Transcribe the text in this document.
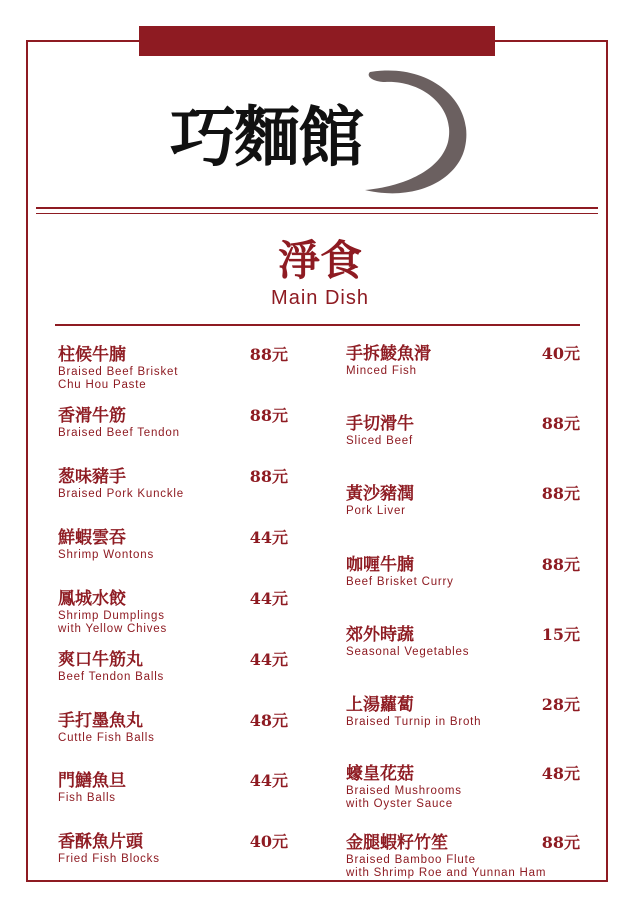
巧麵館
淨食
Main Dish
柱候牛腩
Braised Beef Brisket
Chu Hou Paste
88元
香滑牛筋
Braised Beef Tendon
88元
葱味豬手
Braised Pork Kunckle
88元
鮮蝦雲吞
Shrimp Wontons
44元
鳳城水餃
Shrimp Dumplings
with Yellow Chives
44元
爽口牛筋丸
Beef Tendon Balls
44元
手打墨魚丸
Cuttle Fish Balls
48元
門鱔魚旦
Fish Balls
44元
香酥魚片頭
Fried Fish Blocks
40元
手拆鯪魚滑
Minced Fish
40元
手切滑牛
Sliced Beef
88元
黃沙豬潤
Pork Liver
88元
咖喱牛腩
Beef Brisket Curry
88元
郊外時蔬
Seasonal Vegetables
15元
上湯蘿蔔
Braised Turnip in Broth
28元
蠔皇花菇
Braised Mushrooms
with Oyster Sauce
48元
金腿蝦籽竹笙
Braised Bamboo Flute
with Shrimp Roe and Yunnan Ham
88元
